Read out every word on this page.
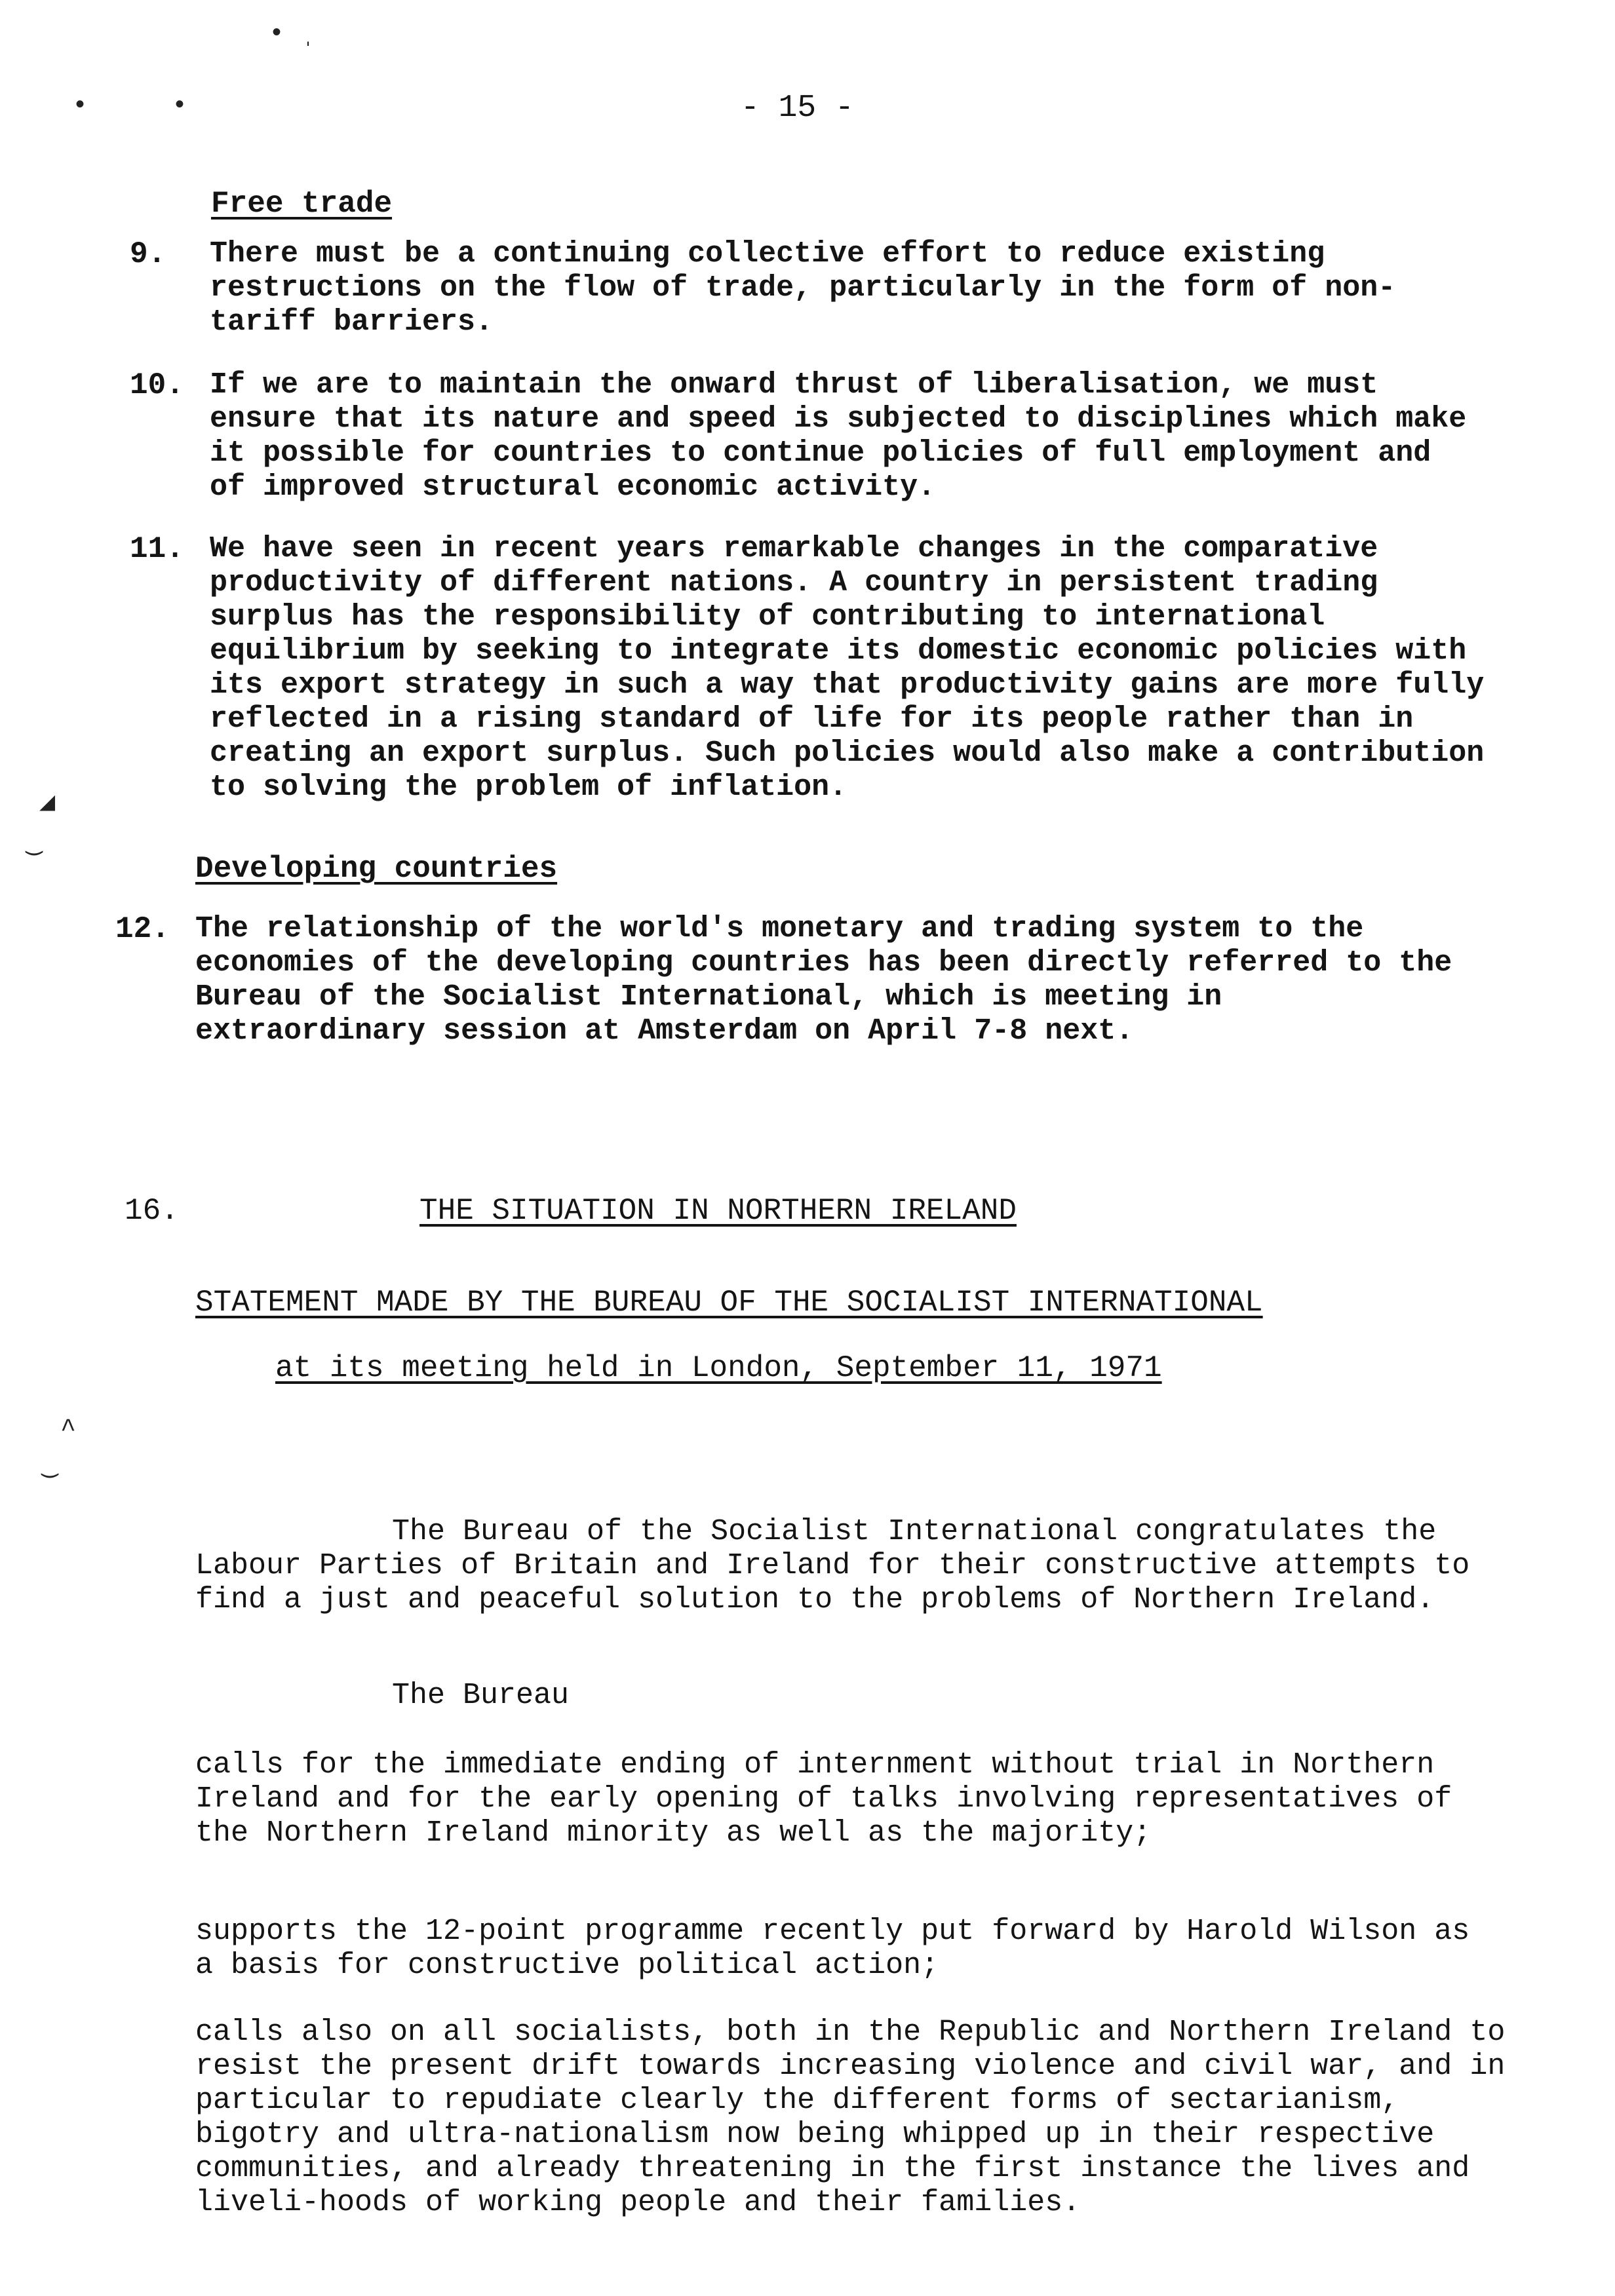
• ˌ
•	•	- 15 -
Free trade
9. There must be a continuing collective effort to reduce existing restructions on the flow of trade, particularly in the form of non-tariff barriers.
10. If we are to maintain the onward thrust of liberalisation, we must ensure that its nature and speed is subjected to disciplines which make it possible for countries to continue policies of full employment and of improved structural economic activity.
11. We have seen in recent years remarkable changes in the comparative productivity of different nations. A country in persistent trading surplus has the responsibility of contributing to international equilibrium by seeking to integrate its domestic economic policies with its export strategy in such a way that productivity gains are more fully reflected in a rising standard of life for its people rather than in creating an export surplus. Such policies would also make a contribution to solving the problem of inflation.
◢
‿
Developing countries
12. The relationship of the world's monetary and trading system to the economies of the developing countries has been directly referred to the Bureau of the Socialist International, which is meeting in extraordinary session at Amsterdam on April 7-8 next.
16.	THE SITUATION IN NORTHERN IRELAND
STATEMENT MADE BY THE BUREAU OF THE SOCIALIST INTERNATIONAL
at its meeting held in London, September 11, 1971
^
‿
The Bureau of the Socialist International congratulates the Labour Parties of Britain and Ireland for their constructive attempts to find a just and peaceful solution to the problems of Northern Ireland.
The Bureau
calls for the immediate ending of internment without trial in Northern Ireland and for the early opening of talks involving representatives of the Northern Ireland minority as well as the majority;
supports the 12-point programme recently put forward by Harold Wilson as a basis for constructive political action;
calls also on all socialists, both in the Republic and Northern Ireland to resist the present drift towards increasing violence and civil war, and in particular to repudiate clearly the different forms of sectarianism, bigotry and ultra-nationalism now being whipped up in their respective communities, and already threatening in the first instance the lives and liveli-hoods of working people and their families.
